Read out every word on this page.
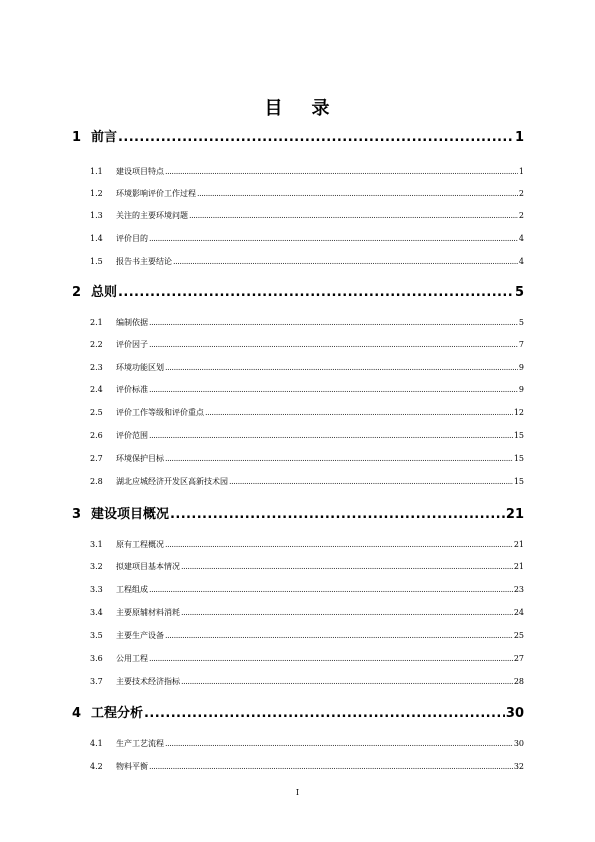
目 录
1 前言 .....	1
1.1	建设项目特点 .....	1
1.2	环境影响评价工作过程 .....	2
1.3	关注的主要环境问题 .....	2
1.4	评价目的 .....	4
1.5	报告书主要结论 .....	4
2 总则 .....	5
2.1	编制依据 .....	5
2.2	评价因子 .....	7
2.3	环境功能区划 .....	9
2.4	评价标准 .....	9
2.5	评价工作等级和评价重点 .....	12
2.6	评价范围 .....	15
2.7	环境保护目标 .....	15
2.8	湖北应城经济开发区高新技术园 .....	15
3 建设项目概况 .....	21
3.1	原有工程概况 .....	21
3.2	拟建项目基本情况 .....	21
3.3	工程组成 .....	23
3.4	主要原辅材料消耗 .....	24
3.5	主要生产设备 .....	25
3.6	公用工程 .....	27
3.7	主要技术经济指标 .....	28
4 工程分析 .....	30
4.1	生产工艺流程 .....	30
4.2	物料平衡 .....	32
I
